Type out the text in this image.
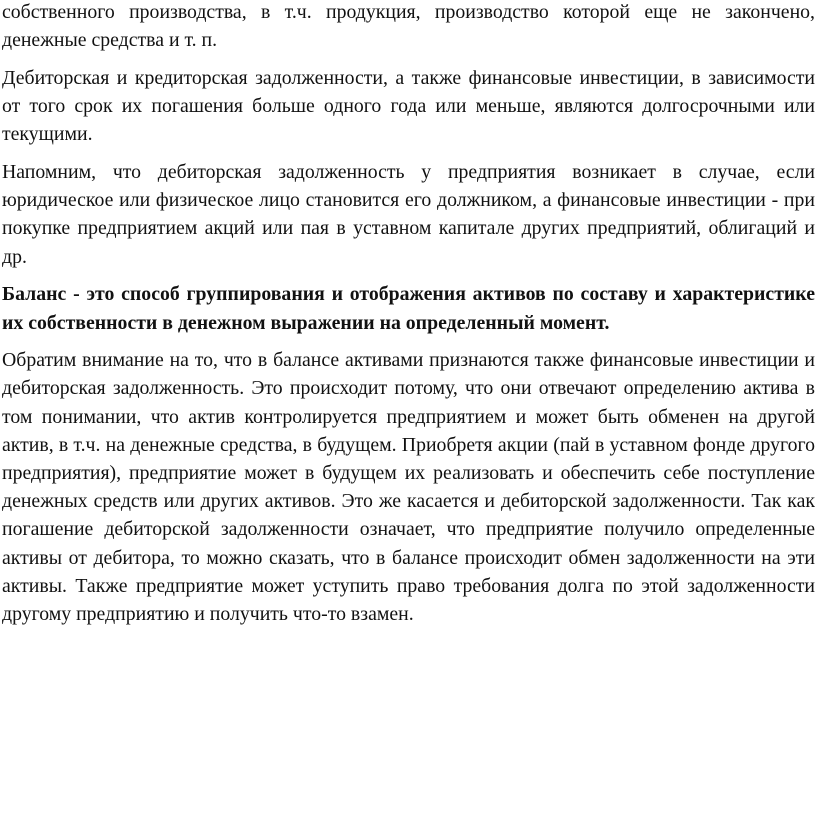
собственного производства, в т.ч. продукция, производство которой еще не закончено, денежные средства и т. п.

Дебиторская и кредиторская задолженности, а также финансовые инвестиции, в зависимости от того срок их погашения больше одного года или меньше, являются долгосрочными или текущими.

Напомним, что дебиторская задолженность у предприятия возникает в случае, если юридическое или физическое лицо становится его должником, а финансовые инвестиции - при покупке предприятием акций или пая в уставном капитале других предприятий, облигаций и др.

Баланс - это способ группирования и отображения активов по составу и характеристике их собственности в денежном выражении на определенный момент.

Обратим внимание на то, что в балансе активами признаются также финансовые инвестиции и дебиторская задолженность. Это происходит потому, что они отвечают определению актива в том понимании, что актив контролируется предприятием и может быть обменен на другой актив, в т.ч. на денежные средства, в будущем. Приобретя акции (пай в уставном фонде другого предприятия), предприятие может в будущем их реализовать и обеспечить себе поступление денежных средств или других активов. Это же касается и дебиторской задолженности. Так как погашение дебиторской задолженности означает, что предприятие получило определенные активы от дебитора, то можно сказать, что в балансе происходит обмен задолженности на эти активы. Также предприятие может уступить право требования долга по этой задолженности другому предприятию и получить что-то взамен.
